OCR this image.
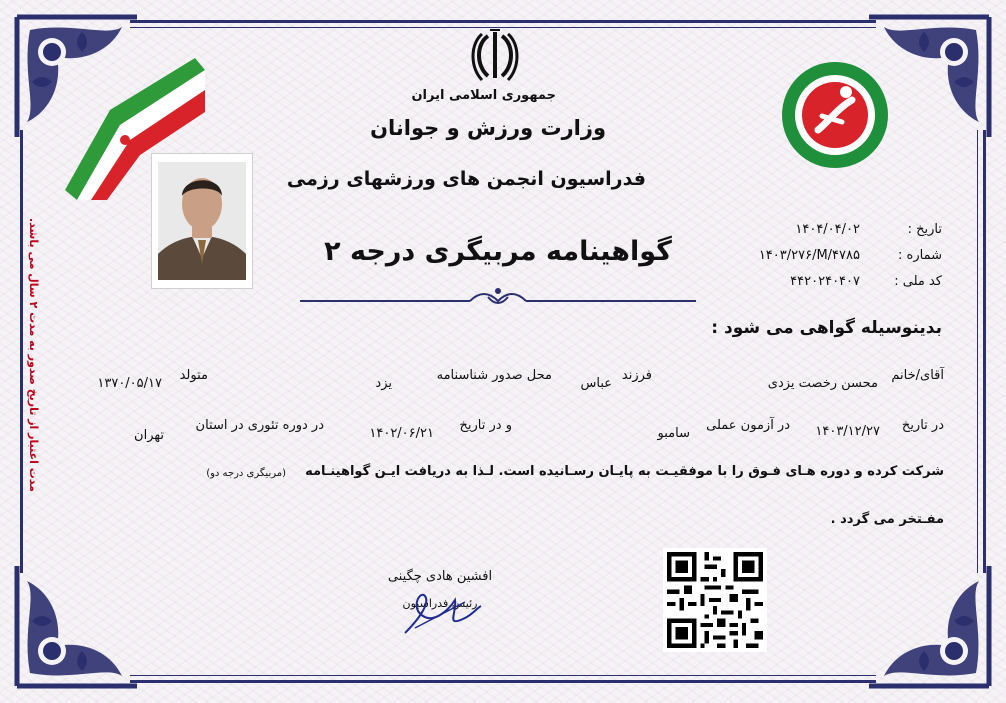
مدت اعتبار از تاریخ صدور به مدت ۲ سال می باشد.
جمهوری اسلامی ایران
وزارت ورزش و جوانان
فدراسیون انجمن های ورزشهای رزمی
گواهینامه مربیگری درجه ۲
تاریخ :
۱۴۰۴/۰۴/۰۲
شماره :
۱۴۰۳/۲۷۶/M/۴۷۸۵
کد ملی :
۴۴۲۰۲۴۰۴۰۷
بدینوسیله گواهی می شود :
آقای/خانم
محسن رخصت یزدی
فرزند
عباس
محل صدور شناسنامه
یزد
متولد
۱۳۷۰/۰۵/۱۷
در تاریخ
۱۴۰۳/۱۲/۲۷
در آزمون عملی
سامبو
و در تاریخ
۱۴۰۲/۰۶/۲۱
در دوره تئوری در استان
تهران
شرکت کرده و دوره هـای فـوق را با موفقیـت به پایـان رسـانیده است. لـذا به دریافت ایـن گواهینـامه
(مربیگری درجه دو)
مفـتخر می گردد .
افشین هادی چگینی
رئیس فدراسیون
